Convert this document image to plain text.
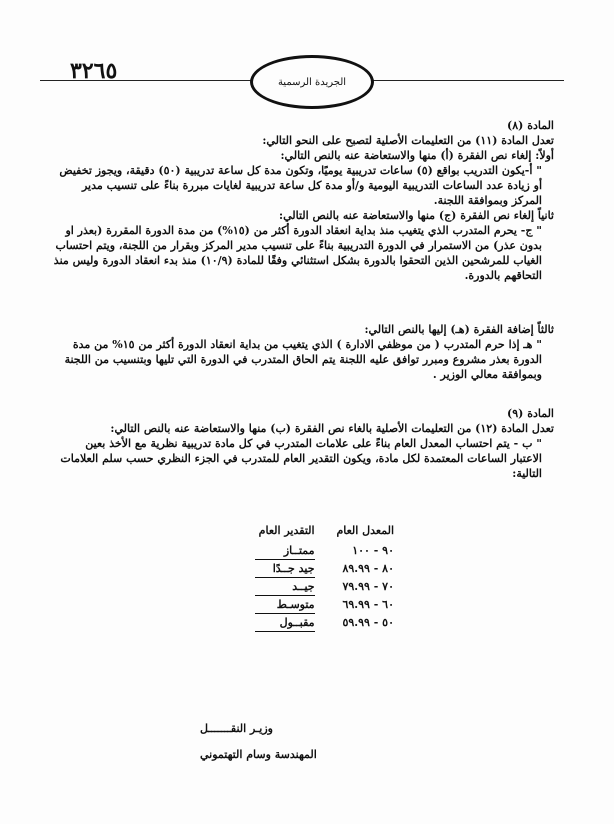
٣٢٦٥	الجريدة الرسمية

المادة (٨)

تعدل المادة (١١) من التعليمات الأصلية لتصبح على النحو التالي:

أولاً: إلغاء نص الفقرة (أ) منها والاستعاضة عنه بالنص التالي:

" أ-يكون التدريب بواقع (٥) ساعات تدريبية يوميًا، وتكون مدة كل ساعة تدريبية (٥٠) دقيقة، ويجوز تخفيض أو زيادة عدد الساعات التدريبية اليومية و/أو مدة كل ساعة تدريبية لغايات مبررة بناءً على تنسيب مدير المركز وبموافقة اللجنة.

ثانياً إلغاء نص الفقرة (ج) منها والاستعاضة عنه بالنص التالي:

" ج- يحرم المتدرب الذي يتغيب منذ بداية انعقاد الدورة أكثر من (١٥%) من مدة الدورة المقررة (بعذر او بدون عذر) من الاستمرار في الدورة التدريبية بناءً على تنسيب مدير المركز وبقرار من اللجنة، ويتم احتساب الغياب للمرشحين الذين التحقوا بالدورة بشكل استثنائي وفقًا للمادة (١٠/٩) منذ بدء انعقاد الدورة وليس منذ التحاقهم بالدورة.

ثالثاً إضافة الفقرة (هـ) إليها بالنص التالي:

" هـ إذا حرم المتدرب ( من موظفي الادارة ) الذي يتغيب من بداية انعقاد الدورة أكثر من ١٥% من مدة الدورة بعذر مشروع ومبرر توافق عليه اللجنة يتم الحاق المتدرب في الدورة التي تليها وبتنسيب من اللجنة وبموافقة معالي الوزير .

المادة (٩)

تعدل المادة (١٢) من التعليمات الأصلية بالغاء نص الفقرة (ب) منها والاستعاضة عنه بالنص التالي:

" ب - يتم احتساب المعدل العام بناءً على علامات المتدرب في كل مادة تدريبية نظرية مع الأخذ بعين الاعتبار الساعات المعتمدة لكل مادة، ويكون التقدير العام للمتدرب في الجزء النظري حسب سلم العلامات التالية:

المعدل العام	التقدير العام
٩٠ - ١٠٠	ممتــاز
٨٠ - ٨٩.٩٩	جيد جــدًا
٧٠ - ٧٩.٩٩	جيــد
٦٠ - ٦٩.٩٩	متوسـط
٥٠ - ٥٩.٩٩	مقبــول
وزيـر النقـــــــل
المهندسة وسام التهتموني
